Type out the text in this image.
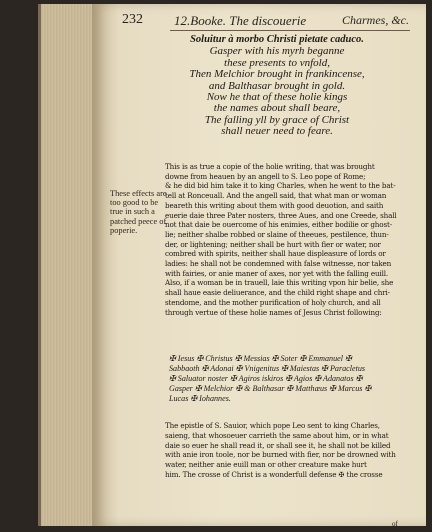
232 12.Booke. The discouerie	Charmes, &c.
Soluitur à morbo Christi pietate caduco.
Gasper with his myrh beganne
these presents to vnfold,
Then Melchior brought in frankincense,
and Balthasar brought in gold.
Now he that of these holie kings
the names about shall beare,
The falling yll by grace of Christ
shall neuer need to feare.
These effects are too good to be true in such a patched peece of poperie.
This is as true a copie of the holie writing, that was brought
downe from heauen by an angell to S. Leo pope of Rome;
& he did bid him take it to king Charles, when he went to the bat-
tell at Ronceuall. And the angell said, that what man or woman
beareth this writing about them with good deuotion, and saith
euerie daie three Pater nosters, three Aues, and one Creede, shall
not that daie be ouercome of his enimies, either bodilie or ghost-
lie; neither shalbe robbed or slaine of theeues, pestilence, thun-
der, or lightening; neither shall be hurt with fier or water, nor
combred with spirits, neither shall haue displeasure of lords or
ladies: he shall not be condemned with false witnesse, nor taken
with fairies, or anie maner of axes, nor yet with the falling euill.
Also, if a woman be in trauell, laie this writing vpon hir belie, she
shall haue easie deliuerance, and the child right shape and chri-
stendome, and the mother purification of holy church, and all
through vertue of these holie names of Jesus Christ following:
✠ Iesus ✠ Christus ✠ Messias ✠ Soter ✠ Emmanuel ✠
Sabbaoth ✠ Adonai ✠ Vnigenitus ✠ Maiestas ✠ Paracletus
✠ Saluator noster ✠ Agiros iskiros ✠ Agios ✠ Adanatos ✠
Gasper ✠ Melchior ✠ & Balthasar ✠ Matthæus ✠ Marcus ✠
Lucas ✠ Iohannes.
The epistle of S. Sauior, which pope Leo sent to king Charles,
saieng, that whosoeuer carrieth the same about him, or in what
daie so euer he shall read it, or shall see it, he shall not be killed
with anie iron toole, nor be burned with fier, nor be drowned with
water, neither anie euill man or other creature make hurt
him. The crosse of Christ is a wonderfull defense ✠ the crosse
of
